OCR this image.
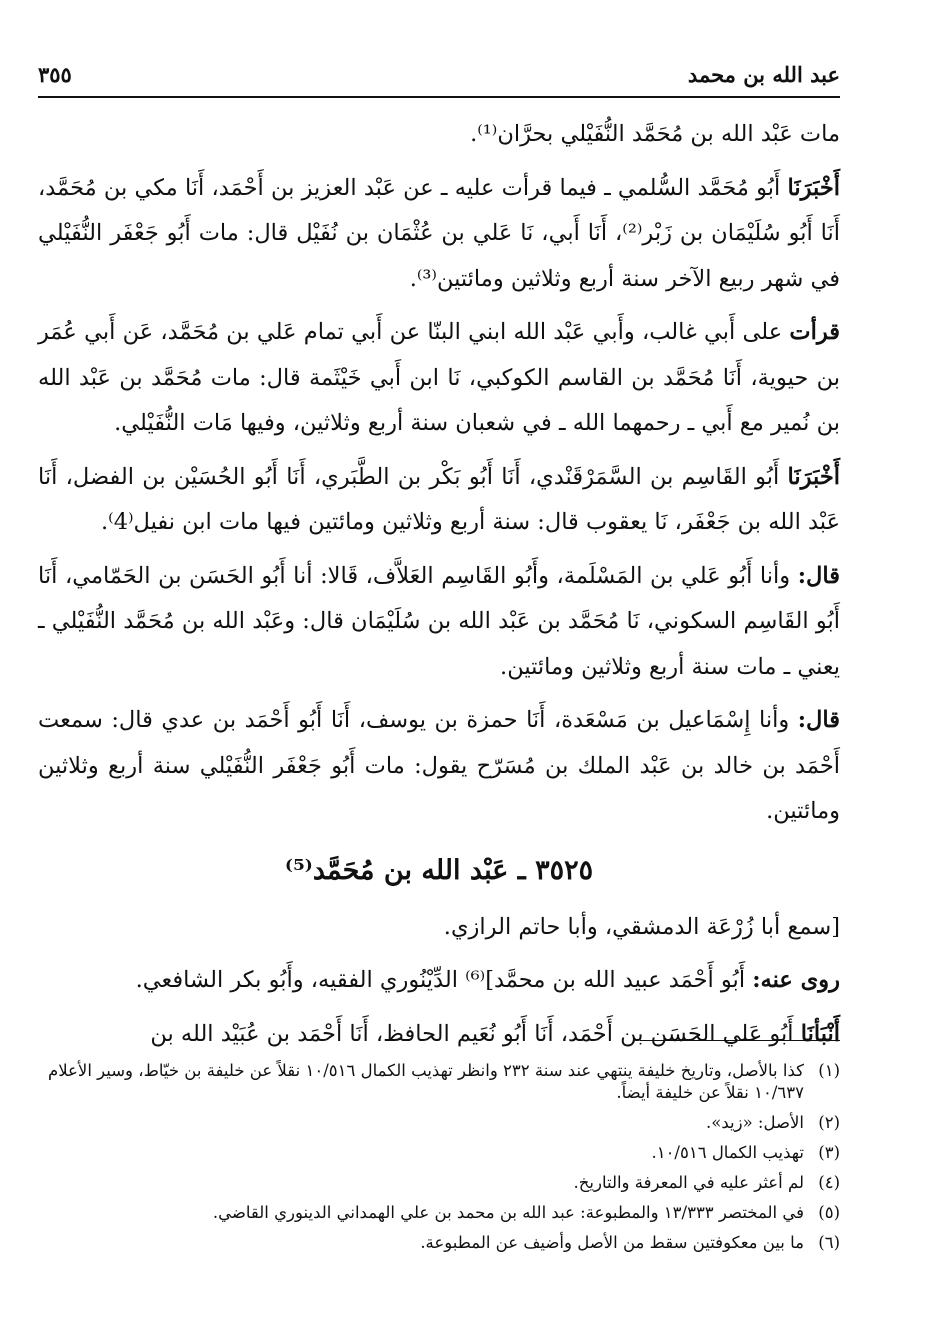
عبد الله بن محمد
٣٥٥

مات عَبْد الله بن مُحَمَّد النُّفَيْلي بحرَّان⁽¹⁾.

أَخْبَرَنَا أَبُو مُحَمَّد السُّلمي ـ فيما قرأت عليه ـ عن عَبْد العزيز بن أَحْمَد، أَنَا مكي بن مُحَمَّد، أَنَا أَبُو سُلَيْمَان بن زَبْر⁽²⁾، أَنَا أَبي، نَا عَلي بن عُثْمَان بن نُفَيْل قال: مات أَبُو جَعْفَر النُّفَيْلي في شهر ربيع الآخر سنة أربع وثلاثين ومائتين⁽³⁾.

قرأت على أَبي غالب، وأَبي عَبْد الله ابني البنّا عن أَبي تمام عَلي بن مُحَمَّد، عَن أَبي عُمَر بن حيوية، أَنَا مُحَمَّد بن القاسم الكوكبي، نَا ابن أَبي خَيْثَمة قال: مات مُحَمَّد بن عَبْد الله بن نُمير مع أَبي ـ رحمهما الله ـ في شعبان سنة أربع وثلاثين، وفيها مَات النُّفَيْلي.

أَخْبَرَنَا أَبُو القَاسِم بن السَّمَرْقَنْدي، أَنَا أَبُو بَكْر بن الطَّبَري، أَنَا أَبُو الحُسَيْن بن الفضل، أَنَا عَبْد الله بن جَعْفَر، نَا يعقوب قال: سنة أربع وثلاثين ومائتين فيها مات ابن نفيل⁽4⁾.

قال: وأنا أَبُو عَلي بن المَسْلَمة، وأَبُو القَاسِم العَلاَّف، قَالا: أنا أَبُو الحَسَن بن الحَمّامي، أَنَا أَبُو القَاسِم السكوني، نَا مُحَمَّد بن عَبْد الله بن سُلَيْمَان قال: وعَبْد الله بن مُحَمَّد النُّفَيْلي ـ يعني ـ مات سنة أربع وثلاثين ومائتين.

قال: وأنا إِسْمَاعيل بن مَسْعَدة، أَنَا حمزة بن يوسف، أَنَا أَبُو أَحْمَد بن عدي قال: سمعت أَحْمَد بن خالد بن عَبْد الملك بن مُسَرّح يقول: مات أَبُو جَعْفَر النُّفَيْلي سنة أربع وثلاثين ومائتين.

٣٥٢٥ ـ عَبْد الله بن مُحَمَّد⁽⁵⁾

[سمع أبا زُرْعَة الدمشقي، وأبا حاتم الرازي.

روى عنه: أَبُو أَحْمَد عبيد الله بن محمَّد]⁽⁶⁾ الدِّيْنُوري الفقيه، وأَبُو بكر الشافعي.

أَنْبَأنَا أَبُو عَلي الحَسَن بن أَحْمَد، أَنَا أَبُو نُعَيم الحافظ، أَنَا أَحْمَد بن عُبَيْد الله بن

(١)
كذا بالأصل، وتاريخ خليفة ينتهي عند سنة ٢٣٢ وانظر تهذيب الكمال ١٠/٥١٦ نقلاً عن خليفة بن خيّاط، وسير الأعلام ١٠/٦٣٧ نقلاً عن خليفة أيضاً.
(٢)
الأصل: «زيد».
(٣)
تهذيب الكمال ١٠/٥١٦.
(٤)
لم أعثر عليه في المعرفة والتاريخ.
(٥)
في المختصر ١٣/٣٣٣ والمطبوعة: عبد الله بن محمد بن علي الهمداني الدينوري القاضي.
(٦)
ما بين معكوفتين سقط من الأصل وأضيف عن المطبوعة.
